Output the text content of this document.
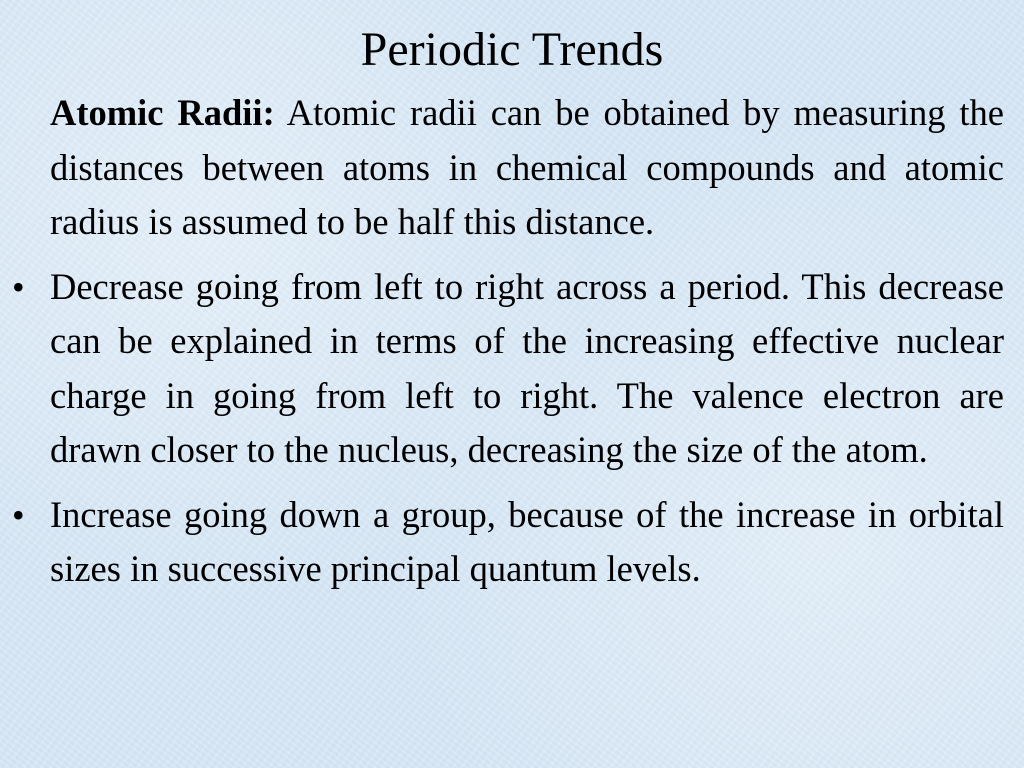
Periodic Trends

Atomic Radii: Atomic radii can be obtained by measuring the distances between atoms in chemical compounds and atomic radius is assumed to be half this distance.

• Decrease going from left to right across a period. This decrease can be explained in terms of the increasing effective nuclear charge in going from left to right. The valence electron are drawn closer to the nucleus, decreasing the size of the atom.

• Increase going down a group, because of the increase in orbital sizes in successive principal quantum levels.
